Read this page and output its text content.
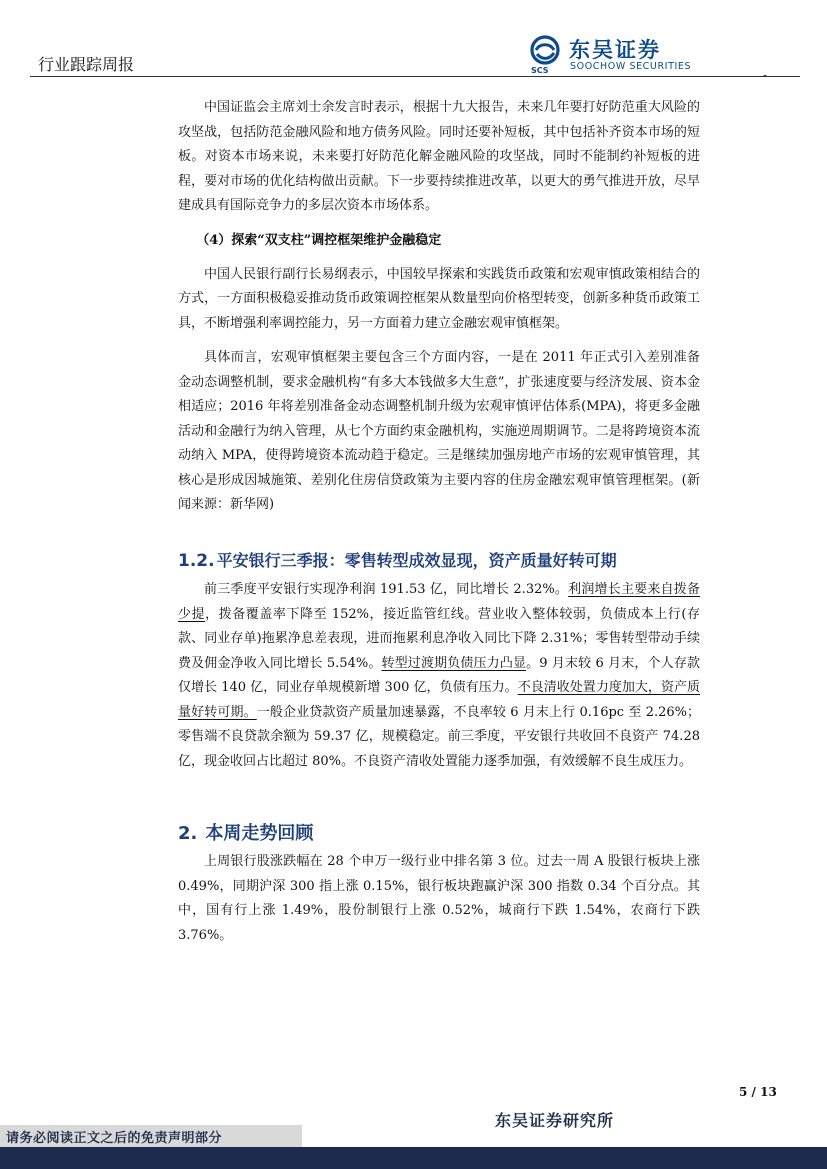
行业跟踪周报
-
SCS
东吴证券
SOOCHOW SECURITIES

中国证监会主席刘士余发言时表示，根据十九大报告，未来几年要打好防范重大风险的攻坚战，包括防范金融风险和地方债务风险。同时还要补短板，其中包括补齐资本市场的短板。对资本市场来说，未来要打好防范化解金融风险的攻坚战，同时不能制约补短板的进程，要对市场的优化结构做出贡献。下一步要持续推进改革，以更大的勇气推进开放，尽早建成具有国际竞争力的多层次资本市场体系。

（4）探索“双支柱”调控框架维护金融稳定

中国人民银行副行长易纲表示，中国较早探索和实践货币政策和宏观审慎政策相结合的方式，一方面积极稳妥推动货币政策调控框架从数量型向价格型转变，创新多种货币政策工具，不断增强利率调控能力，另一方面着力建立金融宏观审慎框架。

具体而言，宏观审慎框架主要包含三个方面内容，一是在 2011 年正式引入差别准备金动态调整机制，要求金融机构“有多大本钱做多大生意”，扩张速度要与经济发展、资本金相适应；2016 年将差别准备金动态调整机制升级为宏观审慎评估体系(MPA)，将更多金融活动和金融行为纳入管理，从七个方面约束金融机构，实施逆周期调节。二是将跨境资本流动纳入 MPA，使得跨境资本流动趋于稳定。三是继续加强房地产市场的宏观审慎管理，其核心是形成因城施策、差别化住房信贷政策为主要内容的住房金融宏观审慎管理框架。(新闻来源：新华网)

1.2. 平安银行三季报：零售转型成效显现，资产质量好转可期

前三季度平安银行实现净利润 191.53 亿，同比增长 2.32%。利润增长主要来自拨备少提，拨备覆盖率下降至 152%，接近监管红线。营业收入整体较弱，负债成本上行(存款、同业存单)拖累净息差表现，进而拖累利息净收入同比下降 2.31%；零售转型带动手续费及佣金净收入同比增长 5.54%。转型过渡期负债压力凸显。9 月末较 6 月末，个人存款仅增长 140 亿，同业存单规模新增 300 亿，负债有压力。不良清收处置力度加大，资产质量好转可期。一般企业贷款资产质量加速暴露，不良率较 6 月末上行 0.16pc 至 2.26%；零售端不良贷款余额为 59.37 亿，规模稳定。前三季度，平安银行共收回不良资产 74.28 亿，现金收回占比超过 80%。不良资产清收处置能力逐季加强，有效缓解不良生成压力。

2. 本周走势回顾

上周银行股涨跌幅在 28 个申万一级行业中排名第 3 位。过去一周 A 股银行板块上涨 0.49%，同期沪深 300 指上涨 0.15%，银行板块跑赢沪深 300 指数 0.34 个百分点。其中，国有行上涨 1.49%，股份制银行上涨 0.52%，城商行下跌 1.54%，农商行下跌 3.76%。

5 / 13
东吴证券研究所
请务必阅读正文之后的免责声明部分
